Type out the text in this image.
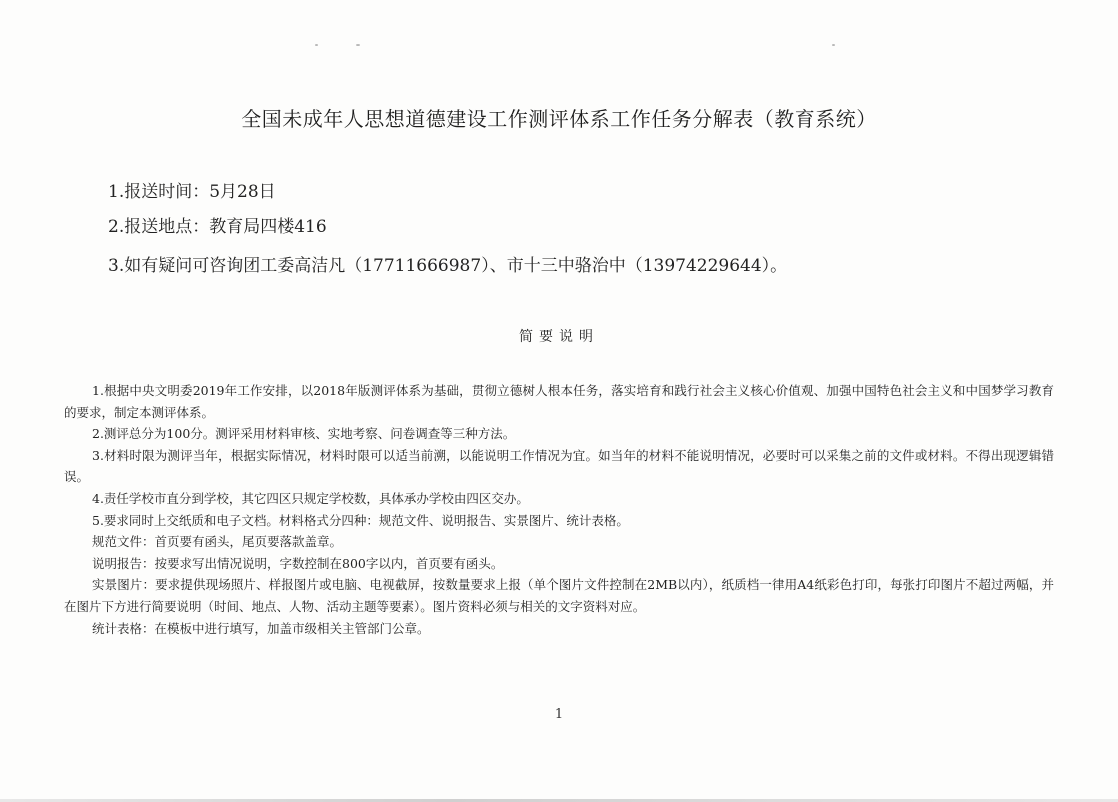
全国未成年人思想道德建设工作测评体系工作任务分解表（教育系统）
1.报送时间：5月28日
2.报送地点：教育局四楼416
3.如有疑问可咨询团工委高洁凡（17711666987）、市十三中骆治中（13974229644）。
简要说明

1.根据中央文明委2019年工作安排，以2018年版测评体系为基础，贯彻立德树人根本任务，落实培育和践行社会主义核心价值观、加强中国特色社会主义和中国梦学习教育的要求，制定本测评体系。

2.测评总分为100分。测评采用材料审核、实地考察、问卷调查等三种方法。

3.材料时限为测评当年，根据实际情况，材料时限可以适当前溯，以能说明工作情况为宜。如当年的材料不能说明情况，必要时可以采集之前的文件或材料。不得出现逻辑错误。

4.责任学校市直分到学校，其它四区只规定学校数，具体承办学校由四区交办。

5.要求同时上交纸质和电子文档。材料格式分四种：规范文件、说明报告、实景图片、统计表格。

规范文件：首页要有函头，尾页要落款盖章。

说明报告：按要求写出情况说明，字数控制在800字以内，首页要有函头。

实景图片：要求提供现场照片、样报图片或电脑、电视截屏，按数量要求上报（单个图片文件控制在2MB以内），纸质档一律用A4纸彩色打印，每张打印图片不超过两幅，并在图片下方进行简要说明（时间、地点、人物、活动主题等要素）。图片资料必须与相关的文字资料对应。

统计表格：在模板中进行填写，加盖市级相关主管部门公章。

1
